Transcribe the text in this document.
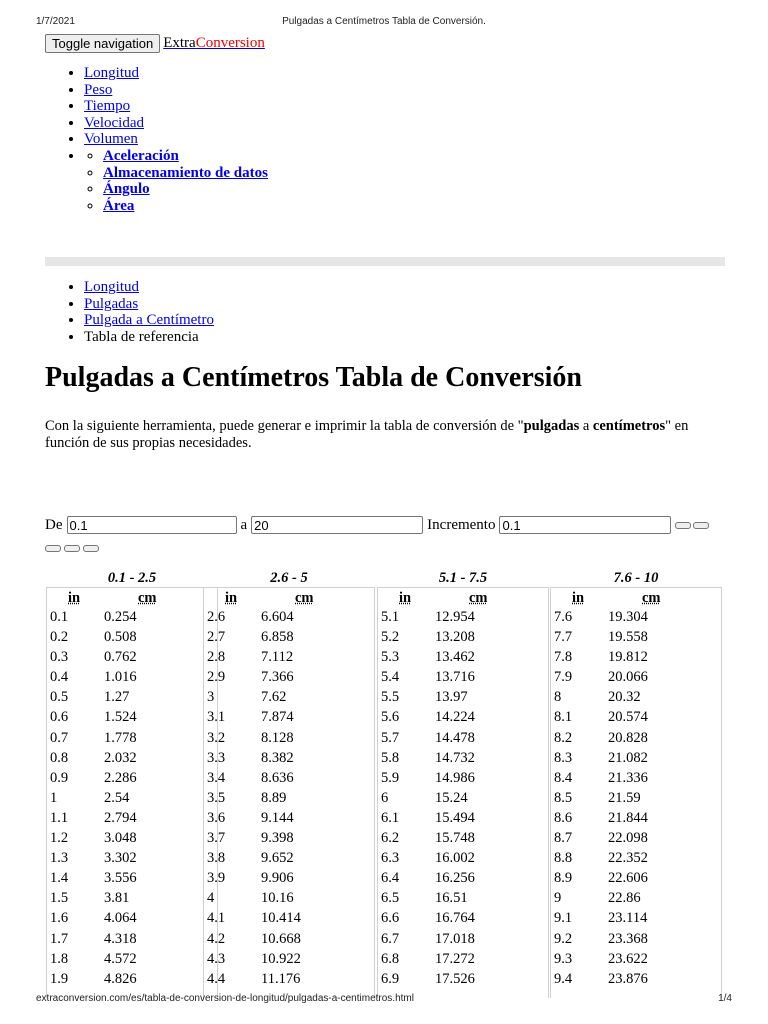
1/7/2021	Pulgadas a Centímetros Tabla de Conversión.
Toggle navigation ExtraConversion
• Longitud
• Peso
• Tiempo
• Velocidad
• Volumen
◦ • Aceleración
◦ Almacenamiento de datos
◦ Ángulo
◦ Área
• Longitud
• Pulgadas
• Pulgada a Centímetro
• Tabla de referencia
Pulgadas a Centímetros Tabla de Conversión

Con la siguiente herramienta, puede generar e imprimir la tabla de conversión de "pulgadas a centímetros" en función de sus propias necesidades.

De
0.1	a
20	Incremento
0.1
0.1 - 2.5
in	cm
0.1 0.254
0.2 0.508
0.3 0.762
0.4 1.016
0.5 1.27
0.6 1.524
0.7 1.778
0.8 2.032
0.9 2.286
1	2.54
1.1 2.794
1.2 3.048
1.3 3.302
1.4 3.556
1.5 3.81
1.6 4.064
1.7 4.318
1.8 4.572
1.9 4.826
2.6 - 5
in	cm
2.6 6.604
2.7 6.858
2.8 7.112
2.9 7.366
3	7.62
3.1 7.874
3.2 8.128
3.3 8.382
3.4 8.636
3.5 8.89
3.6 9.144
3.7 9.398
3.8 9.652
3.9 9.906
4	10.16
4.1 10.414
4.2 10.668
4.3 10.922
4.4 11.176
5.1 - 7.5
in	cm
5.1 12.954
5.2 13.208
5.3 13.462
5.4 13.716
5.5 13.97
5.6 14.224
5.7 14.478
5.8 14.732
5.9 14.986
6	15.24
6.1 15.494
6.2 15.748
6.3 16.002
6.4 16.256
6.5 16.51
6.6 16.764
6.7 17.018
6.8 17.272
6.9 17.526
7.6 - 10
in	cm
7.6 19.304
7.7 19.558
7.8 19.812
7.9 20.066
8	20.32
8.1 20.574
8.2 20.828
8.3 21.082
8.4 21.336
8.5 21.59
8.6 21.844
8.7 22.098
8.8 22.352
8.9 22.606
9	22.86
9.1 23.114
9.2 23.368
9.3 23.622
9.4 23.876
extraconversion.com/es/tabla-de-conversion-de-longitud/pulgadas-a-centimetros.html	1/4
